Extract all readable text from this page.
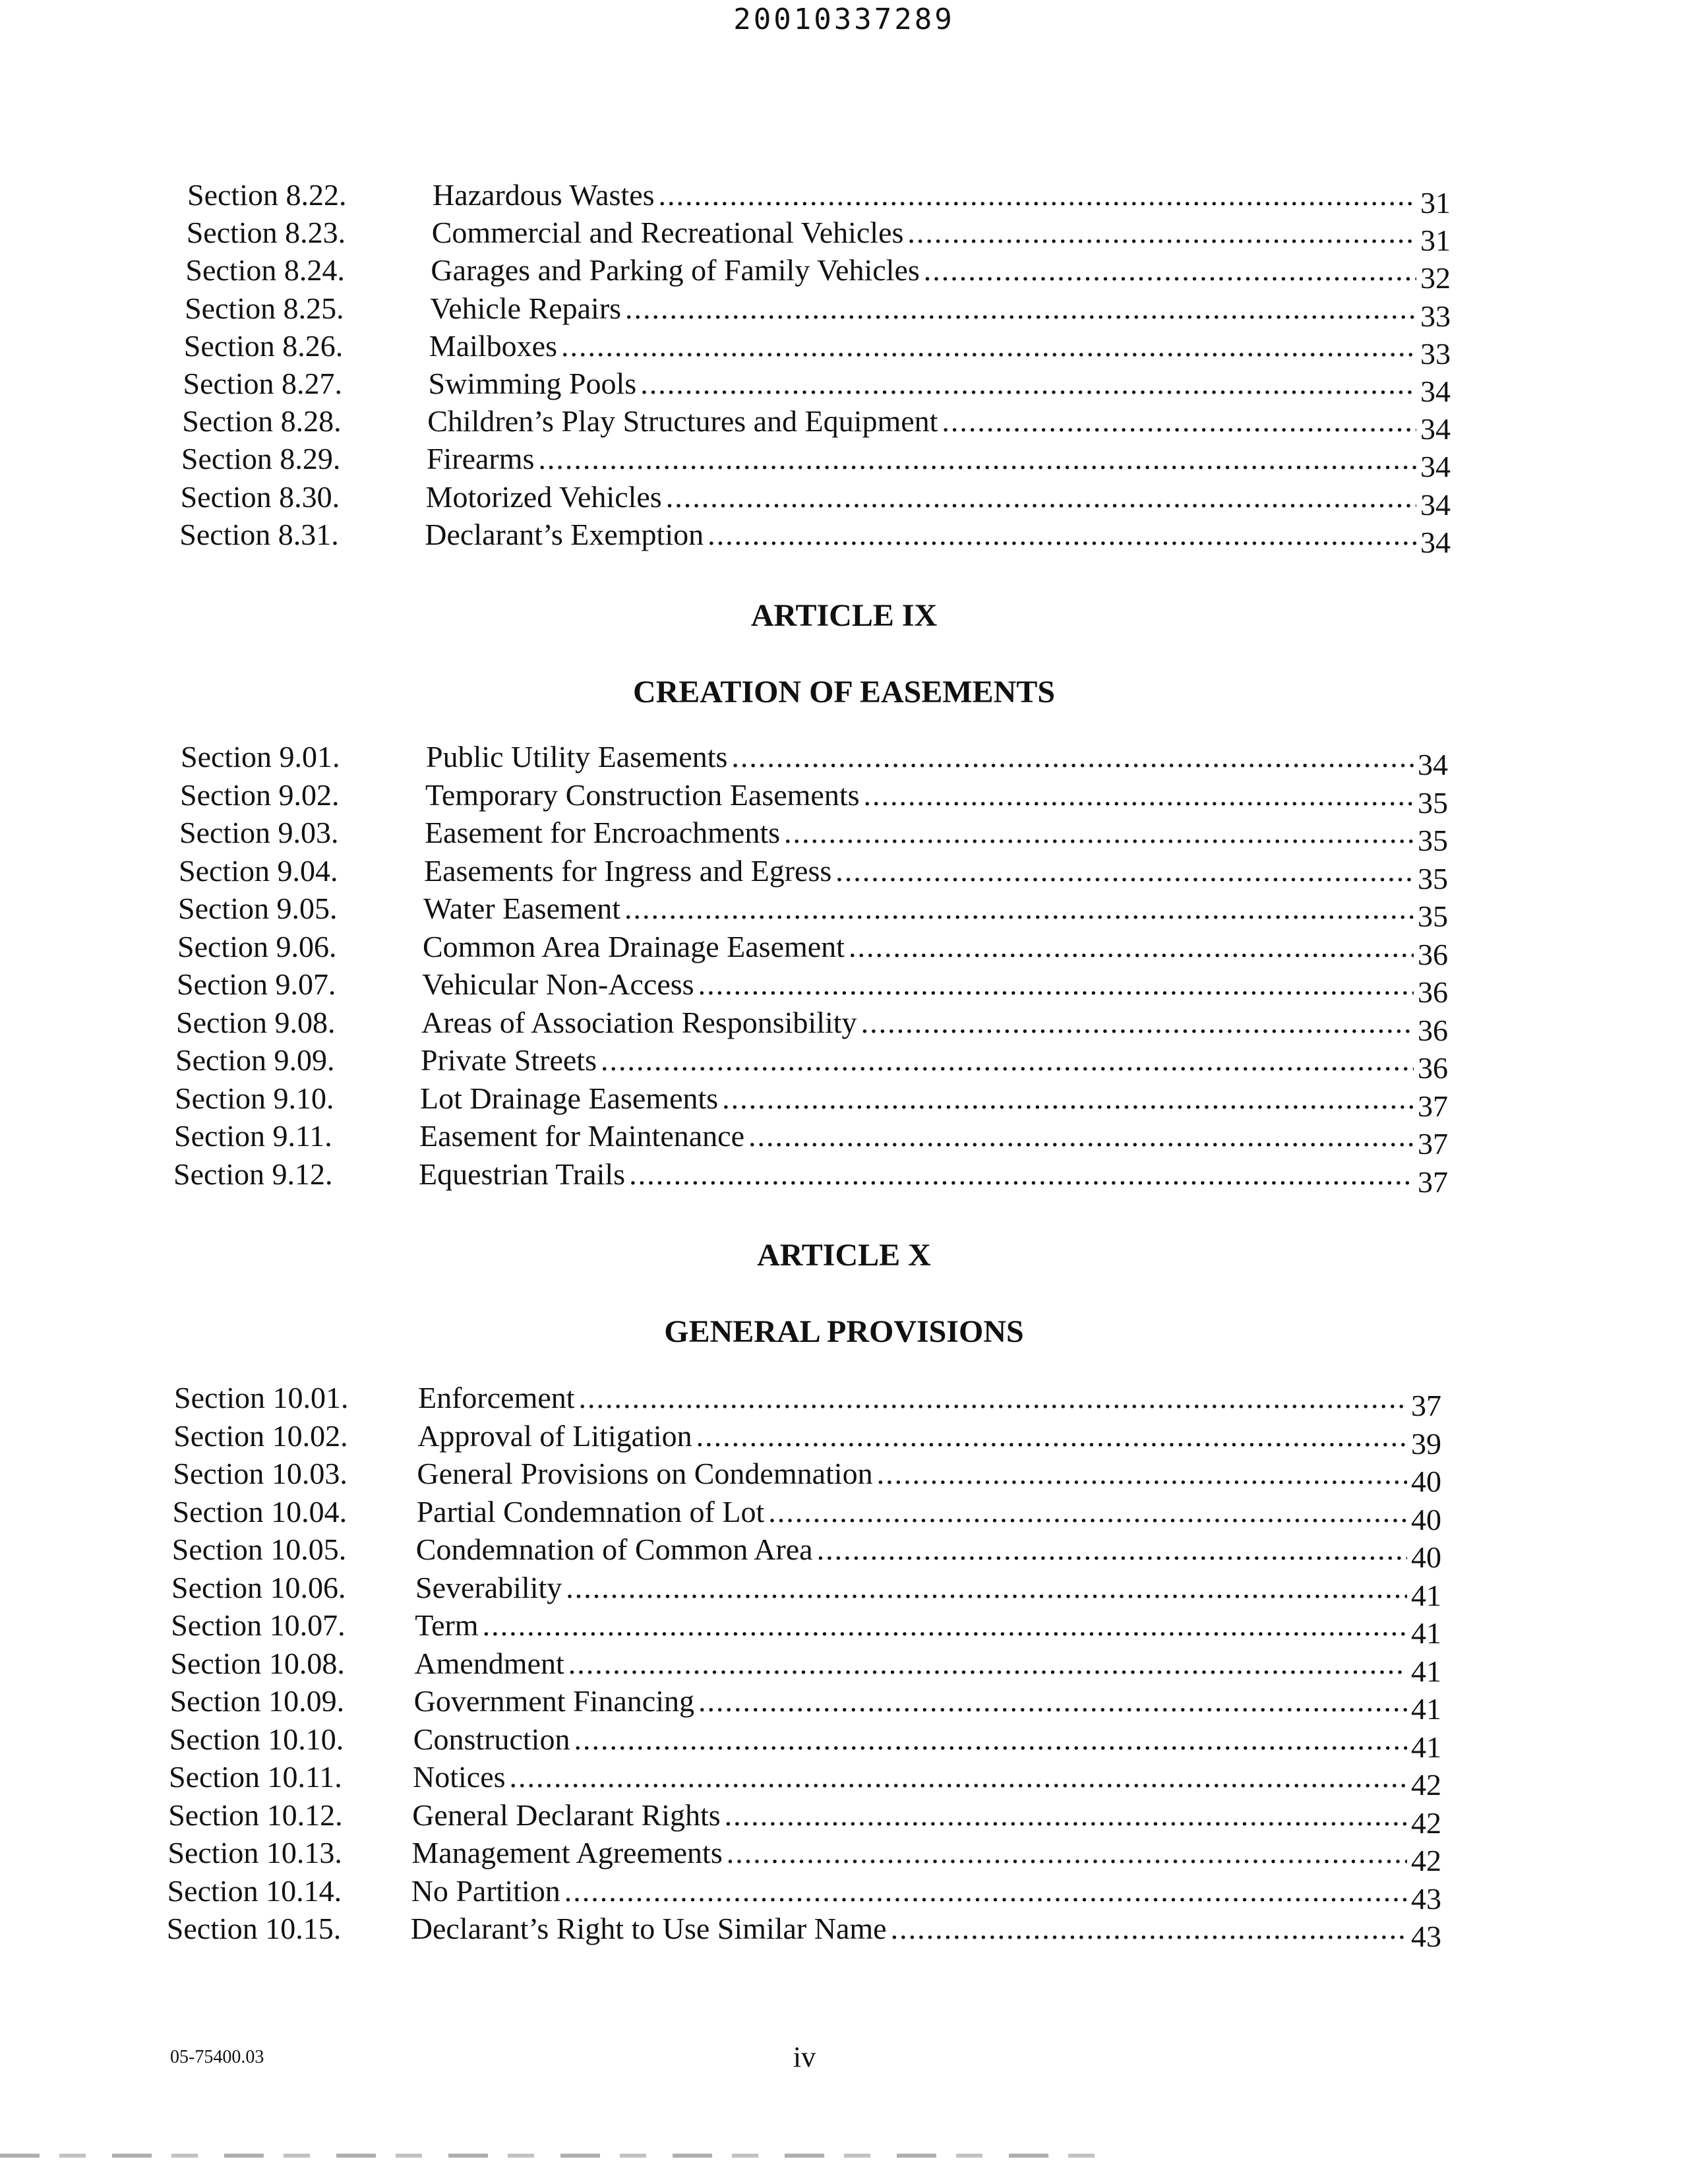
20010337289
Section 8.22.	Hazardous Wastes .....	31
Section 8.23.	Commercial and Recreational Vehicles .....	31
Section 8.24.	Garages and Parking of Family Vehicles .....	32
Section 8.25.	Vehicle Repairs .....	33
Section 8.26.	Mailboxes .....	33
Section 8.27.	Swimming Pools .....	34
Section 8.28.	Children’s Play Structures and Equipment .....	34
Section 8.29.	Firearms .....	34
Section 8.30.	Motorized Vehicles .....	34
Section 8.31.	Declarant’s Exemption .....	34
ARTICLE IX
CREATION OF EASEMENTS
Section 9.01.	Public Utility Easements .....	34
Section 9.02.	Temporary Construction Easements .....	35
Section 9.03.	Easement for Encroachments .....	35
Section 9.04.	Easements for Ingress and Egress .....	35
Section 9.05.	Water Easement .....	35
Section 9.06.	Common Area Drainage Easement .....	36
Section 9.07.	Vehicular Non-Access .....	36
Section 9.08.	Areas of Association Responsibility .....	36
Section 9.09.	Private Streets .....	36
Section 9.10.	Lot Drainage Easements .....	37
Section 9.11.	Easement for Maintenance .....	37
Section 9.12.	Equestrian Trails .....	37
ARTICLE X
GENERAL PROVISIONS
Section 10.01. Enforcement .....	37
Section 10.02. Approval of Litigation .....	39
Section 10.03. General Provisions on Condemnation .....	40
Section 10.04. Partial Condemnation of Lot .....	40
Section 10.05. Condemnation of Common Area .....	40
Section 10.06. Severability .....	41
Section 10.07. Term .....	41
Section 10.08. Amendment .....	41
Section 10.09. Government Financing .....	41
Section 10.10. Construction .....	41
Section 10.11. Notices .....	42
Section 10.12. General Declarant Rights .....	42
Section 10.13. Management Agreements .....	42
Section 10.14. No Partition .....	43
Section 10.15. Declarant’s Right to Use Similar Name .....	43
05-75400.03	iv
